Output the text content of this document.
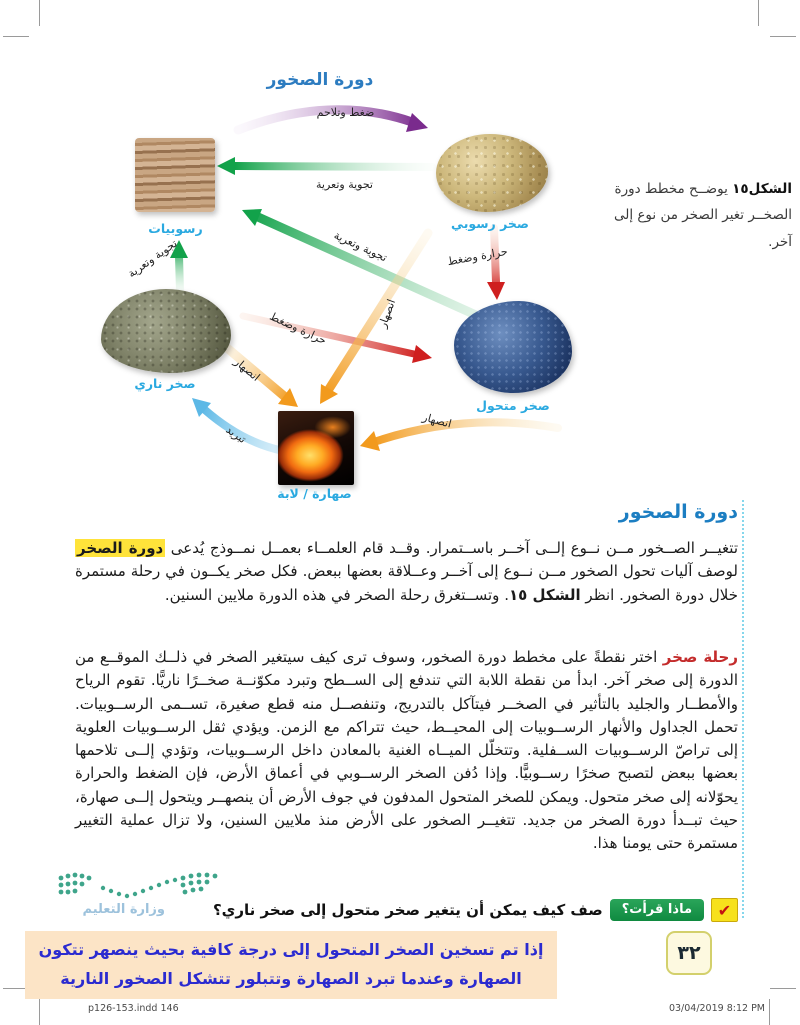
دورة الصخور
ضغط وتلاحم
تجوية وتعرية
تجوية وتعرية
تجوية وتعرية	حرارة وضغط
حرارة وضغط	انصهار
انصهار
انصهار
تبريد
رسوبيات	صخر رسوبي
صخر متحول
صخر ناري
صهارة / لابة
الشكل١٥ يوضــح مخطط دورة الصخــر تغير الصخر من نوع إلى آخر.
دورة الصخور
تتغيــر الصــخور مــن نــوع إلــى آخــر باســتمرار. وقــد قام العلمــاء بعمــل نمــوذج يُدعى دورة الصخر لوصف آليات تحول الصخور مــن نــوع إلى آخــر وعــلاقة بعضها ببعض. فكل صخر يكــون في رحلة مستمرة خلال دورة الصخور. انظر الشكل ١٥. وتســتغرق رحلة الصخر في هذه الدورة ملايين السنين.
رحلة صخر اختر نقطةً على مخطط دورة الصخور، وسوف ترى كيف سيتغير الصخر في ذلــك الموقــع من الدورة إلى صخر آخر. ابدأ من نقطة اللابة التي تندفع إلى الســطح وتبرد مكوّنــة صخــرًا ناريًّا. تقوم الرياح والأمطــار والجليد بالتأثير في الصخــر فيتآكل بالتدريج، وتنفصــل منه قطع صغيرة، تســمى الرســوبيات. تحمل الجداول والأنهار الرســوبيات إلى المحيــط، حيث تتراكم مع الزمن. ويؤدي ثقل الرســوبيات العلوية إلى تراصّ الرســوبيات الســفلية. وتتخلّل الميــاه الغنية بالمعادن داخل الرســوبيات، وتؤدي إلــى تلاحمها بعضها ببعض لتصبح صخرًا رســوبيًّا. وإذا دُفن الصخر الرســوبي في أعماق الأرض، فإن الضغط والحرارة يحوّلانه إلى صخر متحول. ويمكن للصخر المتحول المدفون في جوف الأرض أن ينصهــر ويتحول إلــى صهارة، حيث تبــدأ دورة الصخر من جديد. تتغيــر الصخور على الأرض منذ ملايين السنين، ولا تزال عملية التغيير مستمرة حتى يومنا هذا.
✔
ماذا قرأت؟
صف كيف يمكن أن يتغير صخر متحول إلى صخر ناري؟
إذا تم تسخين الصخر المتحول إلى درجة كافية بحيث ينصهر تتكون الصهارة وعندما تبرد الصهارة وتتبلور تتشكل الصخور النارية
٣٢
وزارة التعليم
p126-153.indd 146	03/04/2019 8:12 PM
